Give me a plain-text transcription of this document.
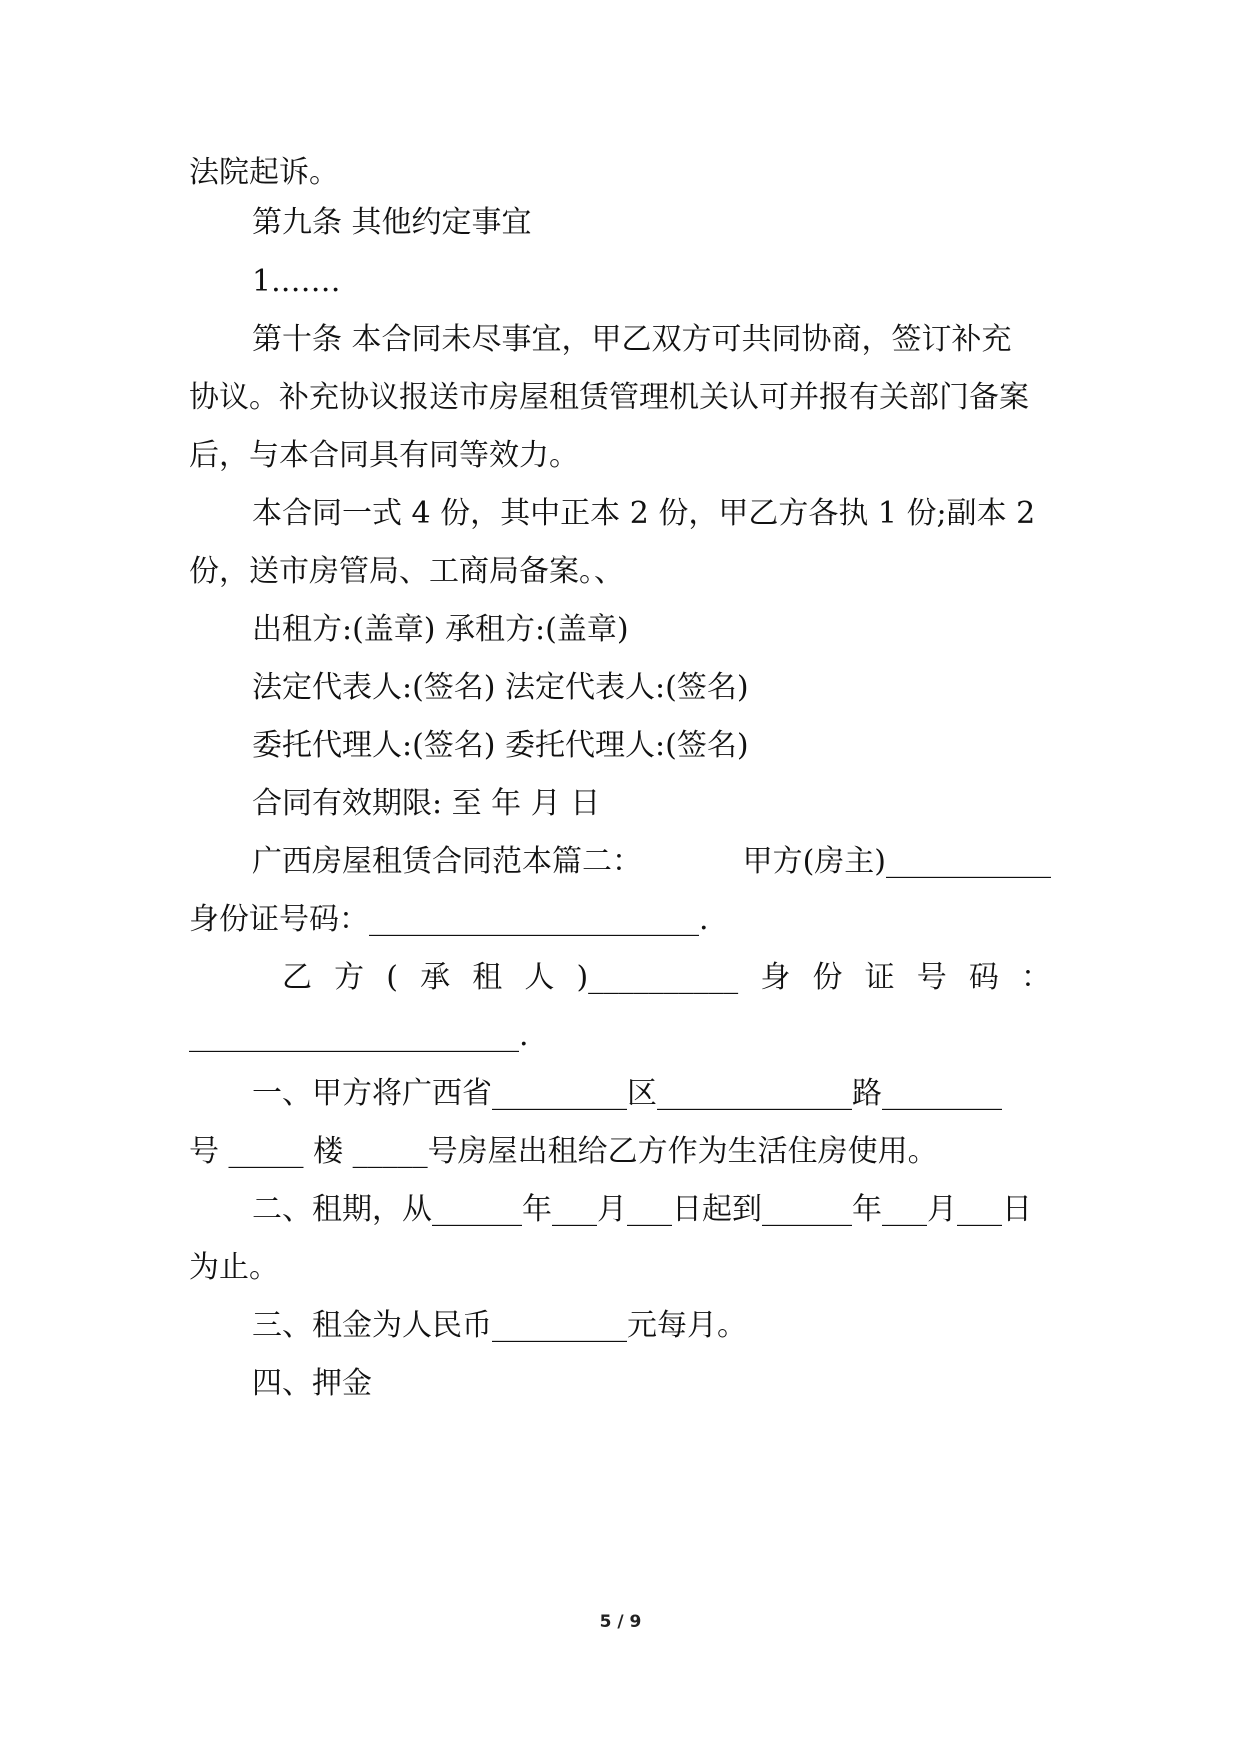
法院起诉。
第九条 其他约定事宜
1.……
第十条 本合同未尽事宜，甲乙双方可共同协商，签订补充
协议。补充协议报送市房屋租赁管理机关认可并报有关部门备案
后，与本合同具有同等效力。
本合同一式 4 份，其中正本 2 份，甲乙方各执 1 份;副本 2
份，送市房管局、工商局备案。、
出租方:(盖章) 承租方:(盖章)
法定代表人:(签名) 法定代表人:(签名)
委托代理人:(签名) 委托代理人:(签名)
合同有效期限: 至 年 月 日
广西房屋租赁合同范本篇二：	甲方(房主)___________
身份证号码：______________________.
乙 方 ( 承 租 人 )__________ 身 份 证 号 码 ：
______________________.
一、甲方将广西省_________区_____________路________
号 _____ 楼 _____号房屋出租给乙方作为生活住房使用。
二、租期，从______年___月___日起到______年___月___日
为止。
三、租金为人民币_________元每月。
四、押金
5 / 9
